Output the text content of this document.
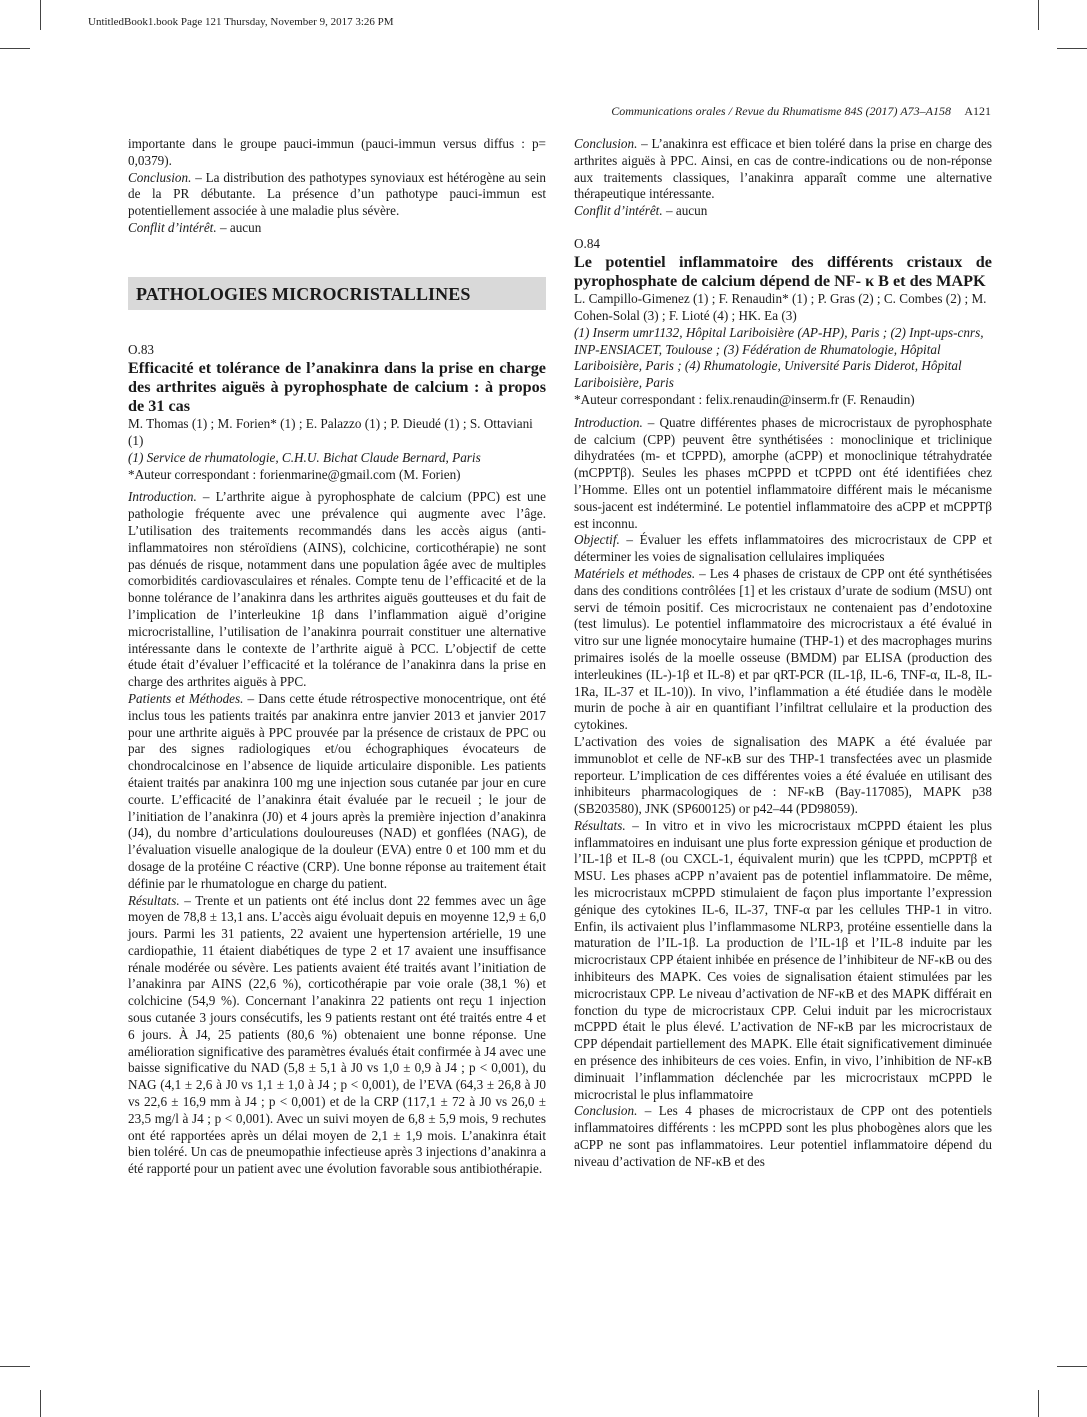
UntitledBook1.book Page 121 Thursday, November 9, 2017 3:26 PM
Communications orales / Revue du Rhumatisme 84S (2017) A73–A158 A121

importante dans le groupe pauci-immun (pauci-immun versus diffus : p= 0,0379).

Conclusion. – La distribution des pathotypes synoviaux est hétérogène au sein de la PR débutante. La présence d’un pathotype pauci-immun est potentiellement associée à une maladie plus sévère.

Conflit d’intérêt. – aucun

PATHOLOGIES MICROCRISTALLINES

O.83

Efficacité et tolérance de l’anakinra dans la prise en charge des arthrites aiguës à pyrophosphate de calcium : à propos de 31 cas

M. Thomas (1) ; M. Forien* (1) ; E. Palazzo (1) ; P. Dieudé (1) ; S. Ottaviani (1)

(1) Service de rhumatologie, C.H.U. Bichat Claude Bernard, Paris

*Auteur correspondant : forienmarine@gmail.com (M. Forien)

Introduction. – L’arthrite aigue à pyrophosphate de calcium (PPC) est une pathologie fréquente avec une prévalence qui augmente avec l’âge. L’utilisation des traitements recommandés dans les accès aigus (anti-inflammatoires non stéroïdiens (AINS), colchicine, corticothérapie) ne sont pas dénués de risque, notamment dans une population âgée avec de multiples comorbidités cardiovasculaires et rénales. Compte tenu de l’efficacité et de la bonne tolérance de l’anakinra dans les arthrites aiguës goutteuses et du fait de l’implication de l’interleukine 1β dans l’inflammation aiguë d’origine microcristalline, l’utilisation de l’anakinra pourrait constituer une alternative intéressante dans le contexte de l’arthrite aiguë à PCC. L’objectif de cette étude était d’évaluer l’efficacité et la tolérance de l’anakinra dans la prise en charge des arthrites aiguës à PPC.

Patients et Méthodes. – Dans cette étude rétrospective monocentrique, ont été inclus tous les patients traités par anakinra entre janvier 2013 et janvier 2017 pour une arthrite aiguës à PPC prouvée par la présence de cristaux de PPC ou par des signes radiologiques et/ou échographiques évocateurs de chondrocalcinose en l’absence de liquide articulaire disponible. Les patients étaient traités par anakinra 100 mg une injection sous cutanée par jour en cure courte. L’efficacité de l’anakinra était évaluée par le recueil ; le jour de l’initiation de l’anakinra (J0) et 4 jours après la première injection d’anakinra (J4), du nombre d’articulations douloureuses (NAD) et gonflées (NAG), de l’évaluation visuelle analogique de la douleur (EVA) entre 0 et 100 mm et du dosage de la protéine C réactive (CRP). Une bonne réponse au traitement était définie par le rhumatologue en charge du patient.

Résultats. – Trente et un patients ont été inclus dont 22 femmes avec un âge moyen de 78,8 ± 13,1 ans. L’accès aigu évoluait depuis en moyenne 12,9 ± 6,0 jours. Parmi les 31 patients, 22 avaient une hypertension artérielle, 19 une cardiopathie, 11 étaient diabétiques de type 2 et 17 avaient une insuffisance rénale modérée ou sévère. Les patients avaient été traités avant l’initiation de l’anakinra par AINS (22,6 %), corticothérapie par voie orale (38,1 %) et colchicine (54,9 %). Concernant l’anakinra 22 patients ont reçu 1 injection sous cutanée 3 jours consécutifs, les 9 patients restant ont été traités entre 4 et 6 jours. À J4, 25 patients (80,6 %) obtenaient une bonne réponse. Une amélioration significative des paramètres évalués était confirmée à J4 avec une baisse significative du NAD (5,8 ± 5,1 à J0 vs 1,0 ± 0,9 à J4 ; p < 0,001), du NAG (4,1 ± 2,6 à J0 vs 1,1 ± 1,0 à J4 ; p < 0,001), de l’EVA (64,3 ± 26,8 à J0 vs 22,6 ± 16,9 mm à J4 ; p < 0,001) et de la CRP (117,1 ± 72 à J0 vs 26,0 ± 23,5 mg/l à J4 ; p < 0,001). Avec un suivi moyen de 6,8 ± 5,9 mois, 9 rechutes ont été rapportées après un délai moyen de 2,1 ± 1,9 mois. L’anakinra était bien toléré. Un cas de pneumopathie infectieuse après 3 injections d’anakinra a été rapporté pour un patient avec une évolution favorable sous antibiothérapie.

Conclusion. – L’anakinra est efficace et bien toléré dans la prise en charge des arthrites aiguës à PPC. Ainsi, en cas de contre-indications ou de non-réponse aux traitements classiques, l’anakinra apparaît comme une alternative thérapeutique intéressante.

Conflit d’intérêt. – aucun

O.84

Le potentiel inflammatoire des différents cristaux de pyrophosphate de calcium dépend de NF- κ B et des MAPK

L. Campillo-Gimenez (1) ; F. Renaudin* (1) ; P. Gras (2) ; C. Combes (2) ; M. Cohen-Solal (3) ; F. Lioté (4) ; HK. Ea (3)

(1) Inserm umr1132, Hôpital Lariboisière (AP-HP), Paris ; (2) Inpt-ups-cnrs, INP-ENSIACET, Toulouse ; (3) Fédération de Rhumatologie, Hôpital Lariboisière, Paris ; (4) Rhumatologie, Université Paris Diderot, Hôpital Lariboisière, Paris

*Auteur correspondant : felix.renaudin@inserm.fr (F. Renaudin)

Introduction. – Quatre différentes phases de microcristaux de pyrophosphate de calcium (CPP) peuvent être synthétisées : monoclinique et triclinique dihydratées (m- et tCPPD), amorphe (aCPP) et monoclinique tétrahydratée (mCPPTβ). Seules les phases mCPPD et tCPPD ont été identifiées chez l’Homme. Elles ont un potentiel inflammatoire différent mais le mécanisme sous-jacent est indéterminé. Le potentiel inflammatoire des aCPP et mCPPTβ est inconnu.

Objectif. – Évaluer les effets inflammatoires des microcristaux de CPP et déterminer les voies de signalisation cellulaires impliquées

Matériels et méthodes. – Les 4 phases de cristaux de CPP ont été synthétisées dans des conditions contrôlées [1] et les cristaux d’urate de sodium (MSU) ont servi de témoin positif. Ces microcristaux ne contenaient pas d’endotoxine (test limulus). Le potentiel inflammatoire des microcristaux a été évalué in vitro sur une lignée monocytaire humaine (THP-1) et des macrophages murins primaires isolés de la moelle osseuse (BMDM) par ELISA (production des interleukines (IL-)-1β et IL-8) et par qRT-PCR (IL-1β, IL-6, TNF-α, IL-8, IL-1Ra, IL-37 et IL-10)). In vivo, l’inflammation a été étudiée dans le modèle murin de poche à air en quantifiant l’infiltrat cellulaire et la production des cytokines.

L’activation des voies de signalisation des MAPK a été évaluée par immunoblot et celle de NF-κB sur des THP-1 transfectées avec un plasmide reporteur. L’implication de ces différentes voies a été évaluée en utilisant des inhibiteurs pharmacologiques de : NF-κB (Bay-117085), MAPK p38 (SB203580), JNK (SP600125) or p42–44 (PD98059).

Résultats. – In vitro et in vivo les microcristaux mCPPD étaient les plus inflammatoires en induisant une plus forte expression génique et production de l’IL-1β et IL-8 (ou CXCL-1, équivalent murin) que les tCPPD, mCPPTβ et MSU. Les phases aCPP n’avaient pas de potentiel inflammatoire. De même, les microcristaux mCPPD stimulaient de façon plus importante l’expression génique des cytokines IL-6, IL-37, TNF-α par les cellules THP-1 in vitro. Enfin, ils activaient plus l’inflammasome NLRP3, protéine essentielle dans la maturation de l’IL-1β. La production de l’IL-1β et l’IL-8 induite par les microcristaux CPP étaient inhibée en présence de l’inhibiteur de NF-κB ou des inhibiteurs des MAPK. Ces voies de signalisation étaient stimulées par les microcristaux CPP. Le niveau d’activation de NF-κB et des MAPK différait en fonction du type de microcristaux CPP. Celui induit par les microcristaux mCPPD était le plus élevé. L’activation de NF-κB par les microcristaux de CPP dépendait partiellement des MAPK. Elle était significativement diminuée en présence des inhibiteurs de ces voies. Enfin, in vivo, l’inhibition de NF-κB diminuait l’inflammation déclenchée par les microcristaux mCPPD le microcristal le plus inflammatoire

Conclusion. – Les 4 phases de microcristaux de CPP ont des potentiels inflammatoires différents : les mCPPD sont les plus phobogènes alors que les aCPP ne sont pas inflammatoires. Leur potentiel inflammatoire dépend du niveau d’activation de NF-κB et des
